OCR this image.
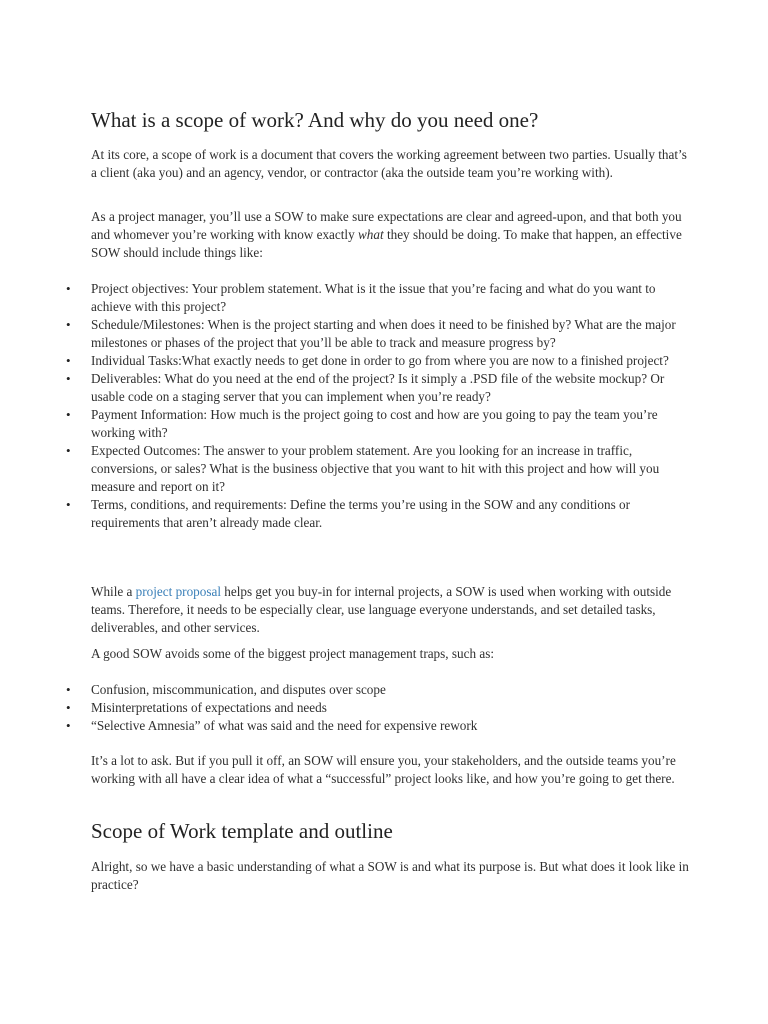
What is a scope of work? And why do you need one?

At its core, a scope of work is a document that covers the working agreement between two parties. Usually that’s a client (aka you) and an agency, vendor, or contractor (aka the outside team you’re working with).

As a project manager, you’ll use a SOW to make sure expectations are clear and agreed-upon, and that both you and whomever you’re working with know exactly what they should be doing. To make that happen, an effective SOW should include things like:

• Project objectives: Your problem statement. What is it the issue that you’re facing and what do you want to achieve with this project?
• Schedule/Milestones: When is the project starting and when does it need to be finished by? What are the major milestones or phases of the project that you’ll be able to track and measure progress by?
• Individual Tasks:What exactly needs to get done in order to go from where you are now to a finished project?
• Deliverables: What do you need at the end of the project? Is it simply a .PSD file of the website mockup? Or usable code on a staging server that you can implement when you’re ready?
• Payment Information: How much is the project going to cost and how are you going to pay the team you’re working with?
• Expected Outcomes: The answer to your problem statement. Are you looking for an increase in traffic, conversions, or sales? What is the business objective that you want to hit with this project and how will you measure and report on it?
• Terms, conditions, and requirements: Define the terms you’re using in the SOW and any conditions or requirements that aren’t already made clear.

While a project proposal helps get you buy-in for internal projects, a SOW is used when working with outside teams. Therefore, it needs to be especially clear, use language everyone understands, and set detailed tasks, deliverables, and other services.

A good SOW avoids some of the biggest project management traps, such as:

• Confusion, miscommunication, and disputes over scope
• Misinterpretations of expectations and needs
• “Selective Amnesia” of what was said and the need for expensive rework

It’s a lot to ask. But if you pull it off, an SOW will ensure you, your stakeholders, and the outside teams you’re working with all have a clear idea of what a “successful” project looks like, and how you’re going to get there.

Scope of Work template and outline

Alright, so we have a basic understanding of what a SOW is and what its purpose is. But what does it look like in practice?
